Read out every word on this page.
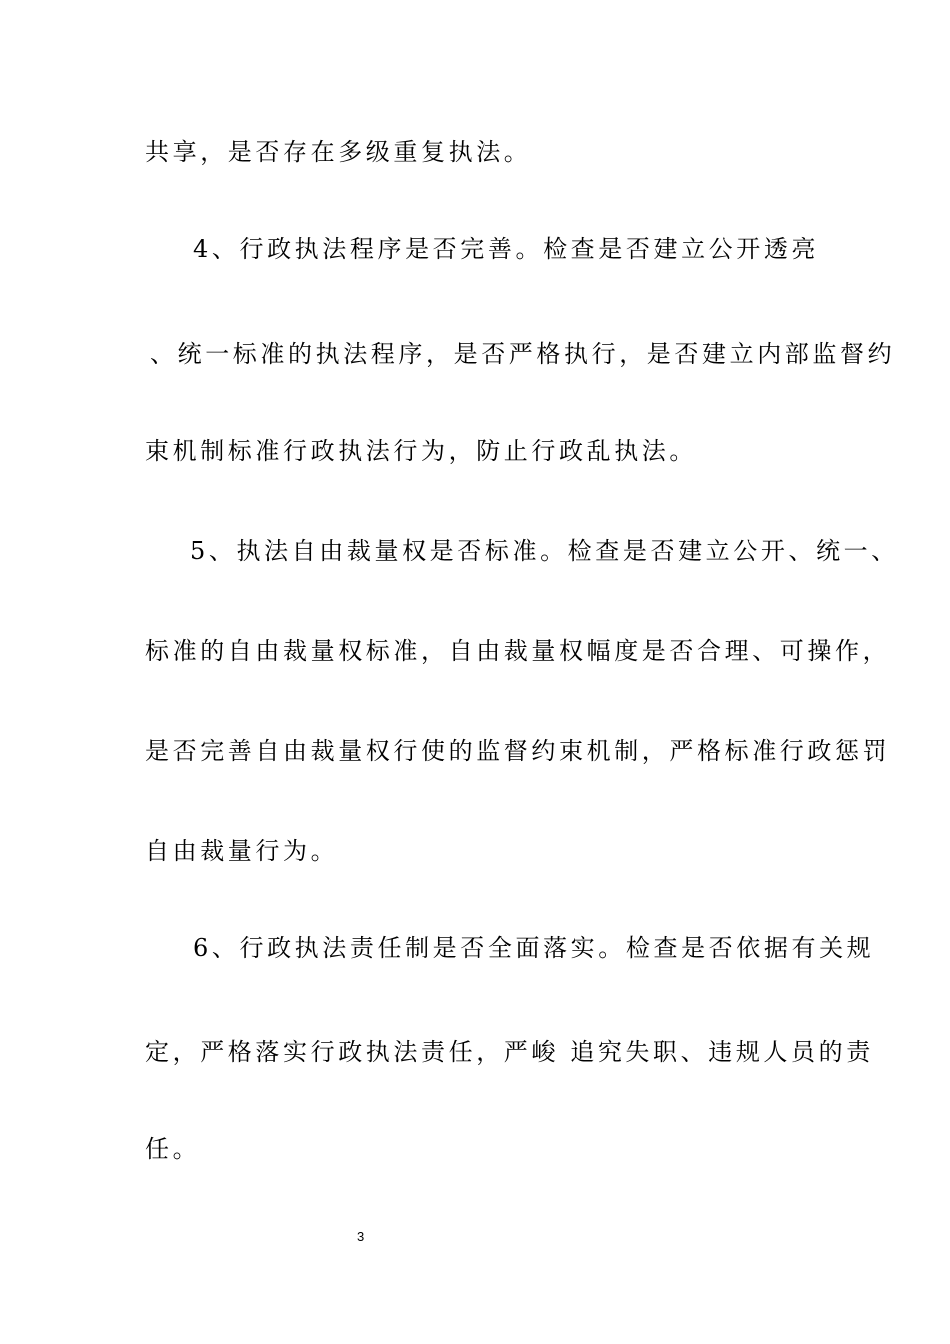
共享，是否存在多级重复执法。
4、行政执法程序是否完善。检查是否建立公开透亮
、统一标准的执法程序，是否严格执行，是否建立内部监督约
束机制标准行政执法行为，防止行政乱执法。
5、执法自由裁量权是否标准。检查是否建立公开、统一、
标准的自由裁量权标准，自由裁量权幅度是否合理、可操作，
是否完善自由裁量权行使的监督约束机制，严格标准行政惩罚
自由裁量行为。
6、行政执法责任制是否全面落实。检查是否依据有关规
定，严格落实行政执法责任，严峻 追究失职、违规人员的责
任。
3
